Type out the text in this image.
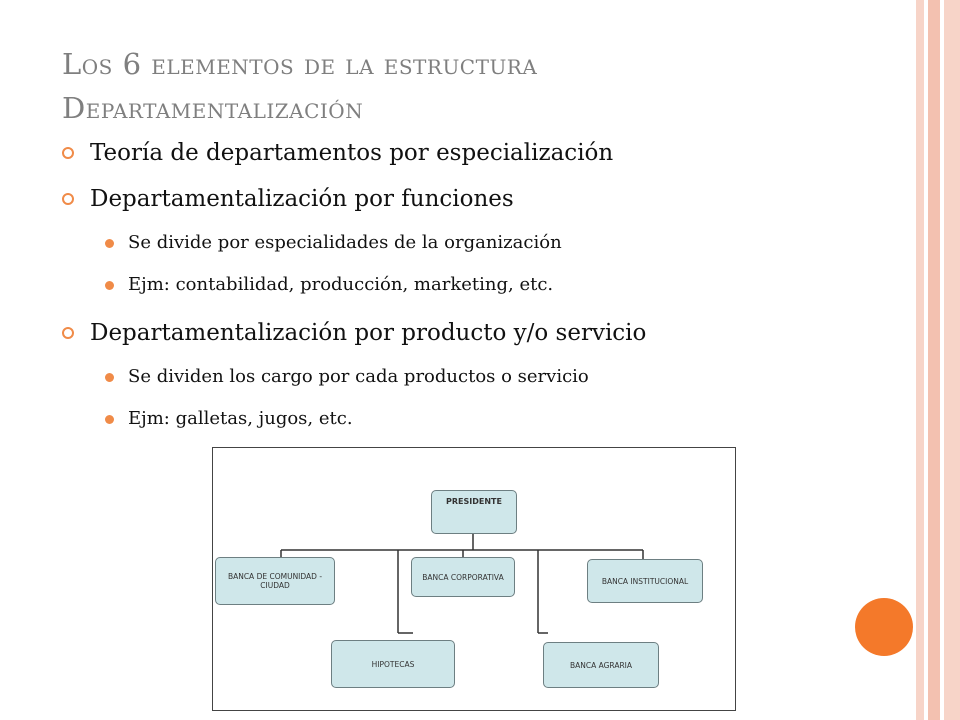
Los 6 elementos de la estructura
Departamentalización
Teoría de departamentos por especialización
Departamentalización por funciones
Se divide por especialidades de la organización
Ejm: contabilidad, producción, marketing, etc.
Departamentalización por producto y/o servicio
Se dividen los cargo por cada productos o servicio
Ejm: galletas, jugos, etc.
PRESIDENTE
BANCA DE COMUNIDAD - CIUDAD
BANCA CORPORATIVA	BANCA INSTITUCIONAL
HIPOTECAS	BANCA AGRARIA
